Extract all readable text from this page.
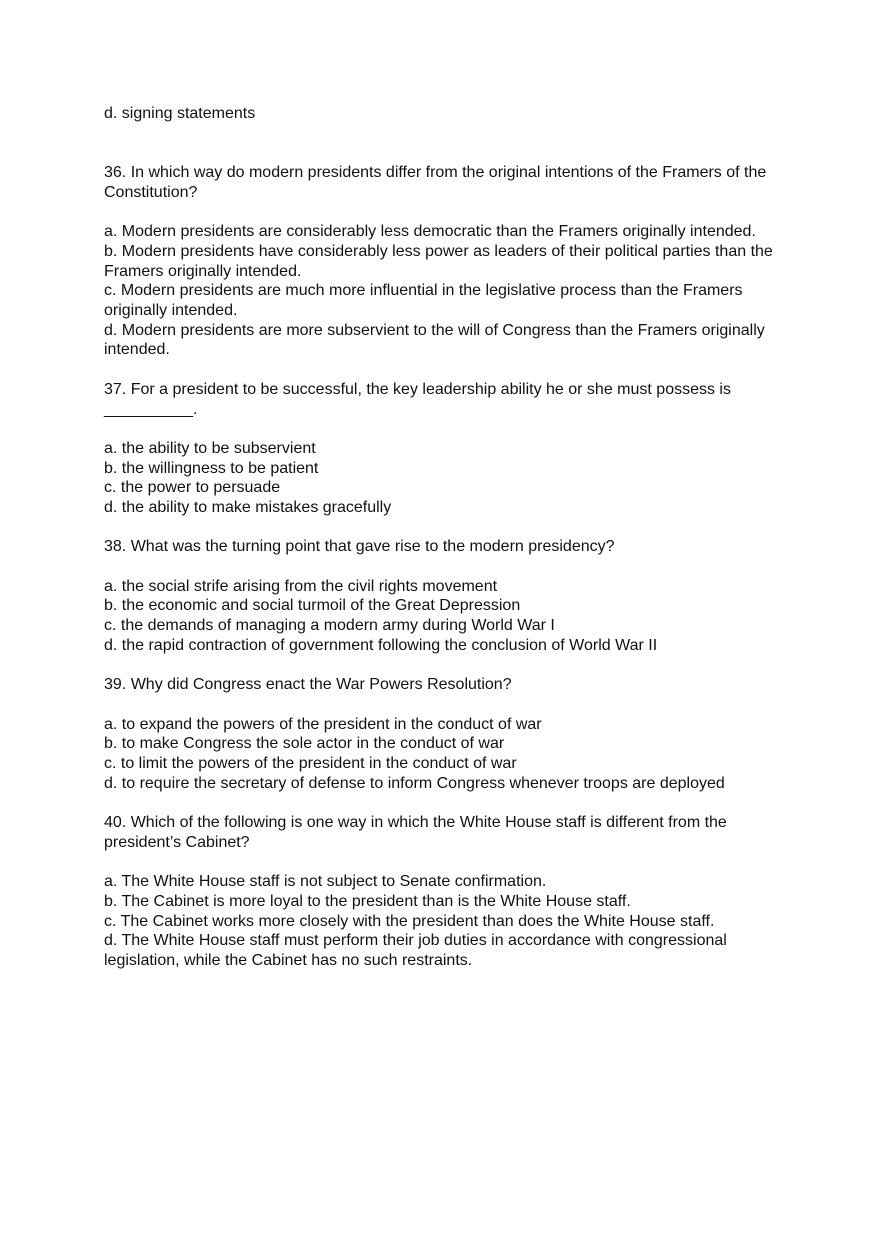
d. signing statements
36. In which way do modern presidents differ from the original intentions of the Framers of the Constitution?
a. Modern presidents are considerably less democratic than the Framers originally intended.
b. Modern presidents have considerably less power as leaders of their political parties than the Framers originally intended.
c. Modern presidents are much more influential in the legislative process than the Framers originally intended.
d. Modern presidents are more subservient to the will of Congress than the Framers originally intended.
37. For a president to be successful, the key leadership ability he or she must possess is __________.
a. the ability to be subservient
b. the willingness to be patient
c. the power to persuade
d. the ability to make mistakes gracefully
38. What was the turning point that gave rise to the modern presidency?
a. the social strife arising from the civil rights movement
b. the economic and social turmoil of the Great Depression
c. the demands of managing a modern army during World War I
d. the rapid contraction of government following the conclusion of World War II
39. Why did Congress enact the War Powers Resolution?
a. to expand the powers of the president in the conduct of war
b. to make Congress the sole actor in the conduct of war
c. to limit the powers of the president in the conduct of war
d. to require the secretary of defense to inform Congress whenever troops are deployed
40. Which of the following is one way in which the White House staff is different from the president’s Cabinet?
a. The White House staff is not subject to Senate confirmation.
b. The Cabinet is more loyal to the president than is the White House staff.
c. The Cabinet works more closely with the president than does the White House staff.
d. The White House staff must perform their job duties in accordance with congressional legislation, while the Cabinet has no such restraints.
